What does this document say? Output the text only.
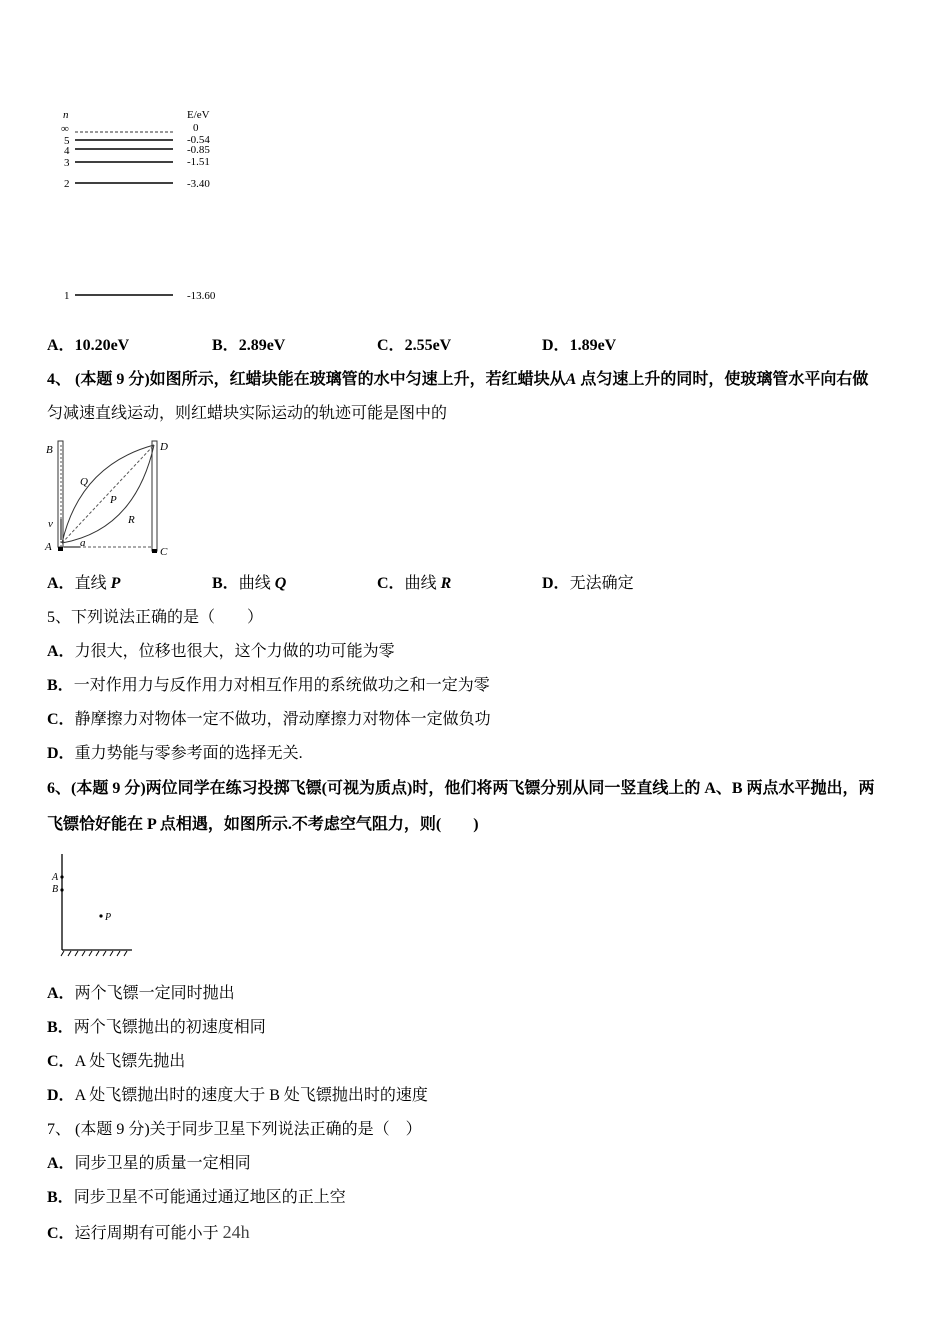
n	E/eV
∞	0
5	-0.54
4	-0.85
3	-1.51
2	-3.40
1	-13.60
A．10.20eV	B．2.89eV	C．2.55eV	D．1.89eV
4、 (本题 9 分)如图所示，红蜡块能在玻璃管的水中匀速上升，若红蜡块从A 点匀速上升的同时，使玻璃管水平向右做
匀减速直线运动，则红蜡块实际运动的轨迹可能是图中的
B	D
Q
P
R
v
A	a
C
A．直线 P	B．曲线 Q	C．曲线 R	D．无法确定
5、下列说法正确的是（　　）
A．力很大，位移也很大，这个力做的功可能为零
B．一对作用力与反作用力对相互作用的系统做功之和一定为零
C．静摩擦力对物体一定不做功，滑动摩擦力对物体一定做负功
D．重力势能与零参考面的选择无关.
6、(本题 9 分)两位同学在练习投掷飞镖(可视为质点)时，他们将两飞镖分别从同一竖直线上的 A、B 两点水平抛出，两
飞镖恰好能在 P 点相遇，如图所示.不考虑空气阻力，则(　　)
A
B
P
A．两个飞镖一定同时抛出
B．两个飞镖抛出的初速度相同
C．A 处飞镖先抛出
D．A 处飞镖抛出时的速度大于 B 处飞镖抛出时的速度
7、 (本题 9 分)关于同步卫星下列说法正确的是（　）
A．同步卫星的质量一定相同
B．同步卫星不可能通过通辽地区的正上空
C．运行周期有可能小于 24h
